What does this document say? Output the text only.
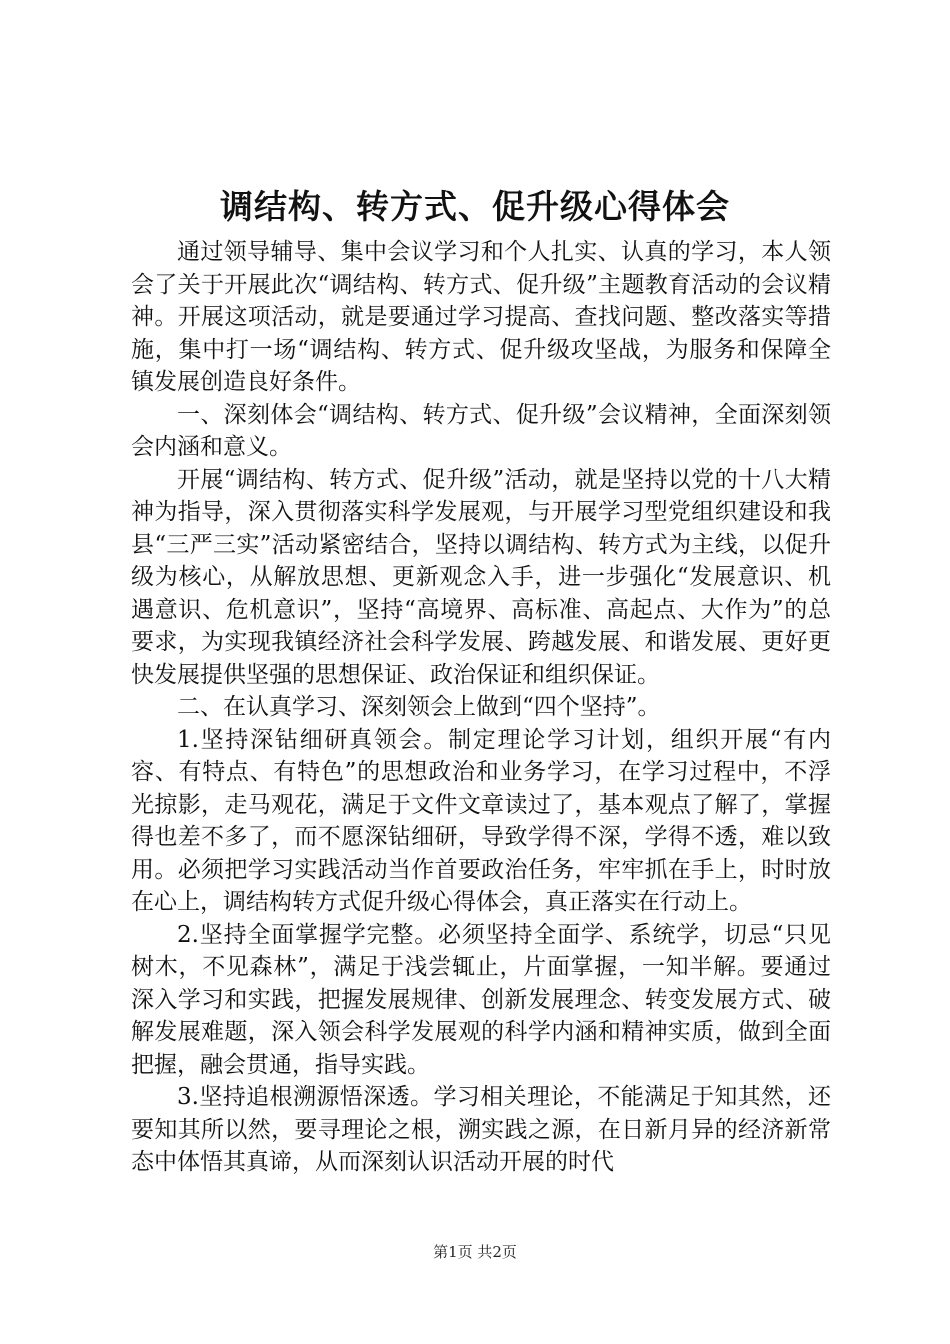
调结构、转方式、促升级心得体会

通过领导辅导、集中会议学习和个人扎实、认真的学习，本人领会了关于开展此次“调结构、转方式、促升级”主题教育活动的会议精神。开展这项活动，就是要通过学习提高、查找问题、整改落实等措施，集中打一场“调结构、转方式、促升级攻坚战，为服务和保障全镇发展创造良好条件。

一、深刻体会“调结构、转方式、促升级”会议精神，全面深刻领会内涵和意义。

开展“调结构、转方式、促升级”活动，就是坚持以党的十八大精神为指导，深入贯彻落实科学发展观，与开展学习型党组织建设和我县“三严三实”活动紧密结合，坚持以调结构、转方式为主线，以促升级为核心，从解放思想、更新观念入手，进一步强化“发展意识、机遇意识、危机意识”，坚持“高境界、高标准、高起点、大作为”的总要求，为实现我镇经济社会科学发展、跨越发展、和谐发展、更好更快发展提供坚强的思想保证、政治保证和组织保证。

二、在认真学习、深刻领会上做到“四个坚持”。

1.坚持深钻细研真领会。制定理论学习计划，组织开展“有内容、有特点、有特色”的思想政治和业务学习，在学习过程中，不浮光掠影，走马观花，满足于文件文章读过了，基本观点了解了，掌握得也差不多了，而不愿深钻细研，导致学得不深，学得不透，难以致用。必须把学习实践活动当作首要政治任务，牢牢抓在手上，时时放在心上，调结构转方式促升级心得体会，真正落实在行动上。

2.坚持全面掌握学完整。必须坚持全面学、系统学，切忌“只见树木，不见森林”，满足于浅尝辄止，片面掌握，一知半解。要通过深入学习和实践，把握发展规律、创新发展理念、转变发展方式、破解发展难题，深入领会科学发展观的科学内涵和精神实质，做到全面把握，融会贯通，指导实践。

3.坚持追根溯源悟深透。学习相关理论，不能满足于知其然，还要知其所以然，要寻理论之根，溯实践之源，在日新月异的经济新常态中体悟其真谛，从而深刻认识活动开展的时代

第1页 共2页
